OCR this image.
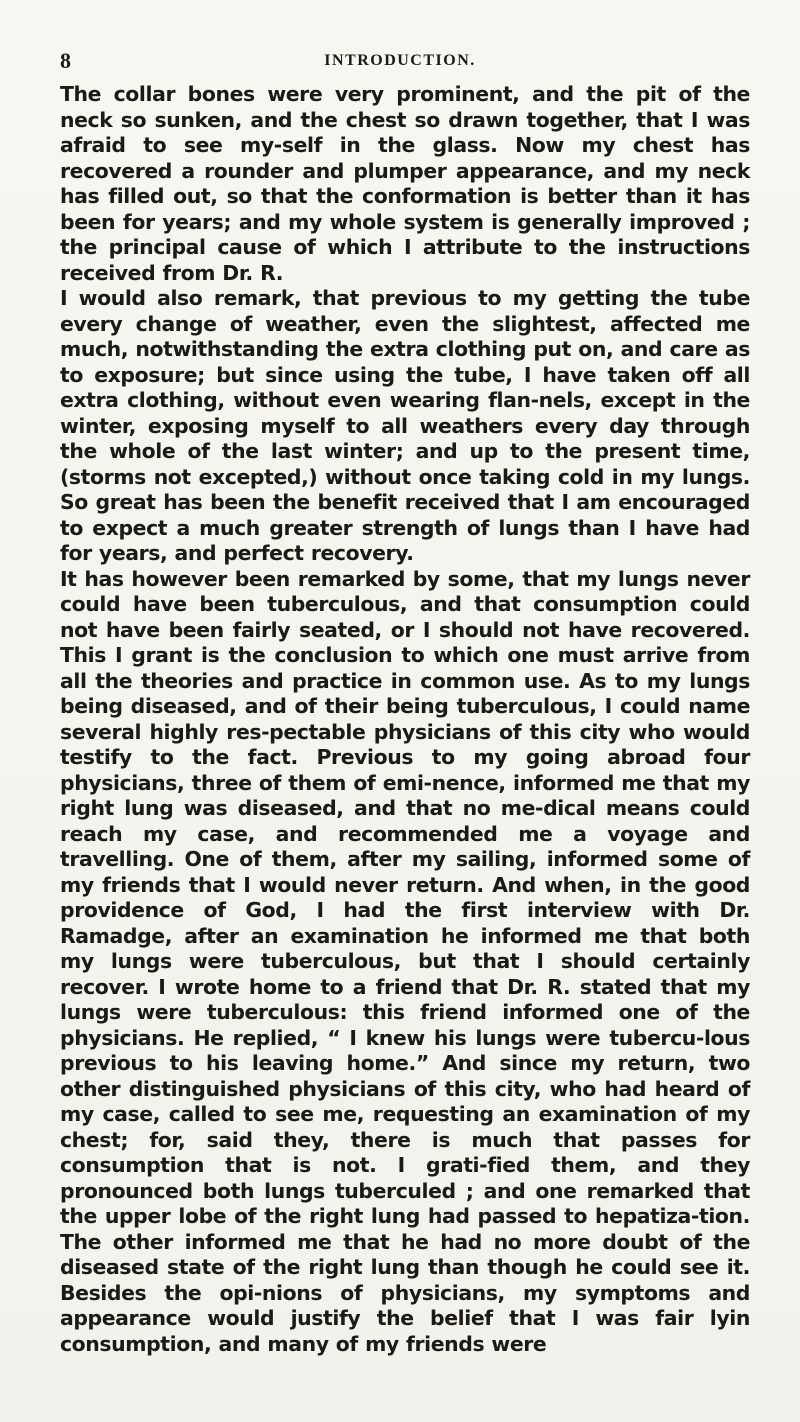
8	INTRODUCTION.

The collar bones were very prominent, and the pit of the neck so sunken, and the chest so drawn together, that I was afraid to see my-self in the glass. Now my chest has recovered a rounder and plumper appearance, and my neck has filled out, so that the conformation is better than it has been for years; and my whole system is generally improved ; the principal cause of which I attribute to the instructions received from Dr. R.

I would also remark, that previous to my getting the tube every change of weather, even the slightest, affected me much, notwithstanding the extra clothing put on, and care as to exposure; but since using the tube, I have taken off all extra clothing, without even wearing flan-nels, except in the winter, exposing myself to all weathers every day through the whole of the last winter; and up to the present time, (storms not excepted,) without once taking cold in my lungs. So great has been the benefit received that I am encouraged to expect a much greater strength of lungs than I have had for years, and perfect recovery.

It has however been remarked by some, that my lungs never could have been tuberculous, and that consumption could not have been fairly seated, or I should not have recovered. This I grant is the conclusion to which one must arrive from all the theories and practice in common use. As to my lungs being diseased, and of their being tuberculous, I could name several highly res-pectable physicians of this city who would testify to the fact. Previous to my going abroad four physicians, three of them of emi-nence, informed me that my right lung was diseased, and that no me-dical means could reach my case, and recommended me a voyage and travelling. One of them, after my sailing, informed some of my friends that I would never return. And when, in the good providence of God, I had the first interview with Dr. Ramadge, after an examination he informed me that both my lungs were tuberculous, but that I should certainly recover. I wrote home to a friend that Dr. R. stated that my lungs were tuberculous: this friend informed one of the physicians. He replied, “ I knew his lungs were tubercu-lous previous to his leaving home.” And since my return, two other distinguished physicians of this city, who had heard of my case, called to see me, requesting an examination of my chest; for, said they, there is much that passes for consumption that is not. I grati-fied them, and they pronounced both lungs tuberculed ; and one remarked that the upper lobe of the right lung had passed to hepatiza-tion. The other informed me that he had no more doubt of the diseased state of the right lung than though he could see it. Besides the opi-nions of physicians, my symptoms and appearance would justify the belief that I was fair lyin consumption, and many of my friends were
